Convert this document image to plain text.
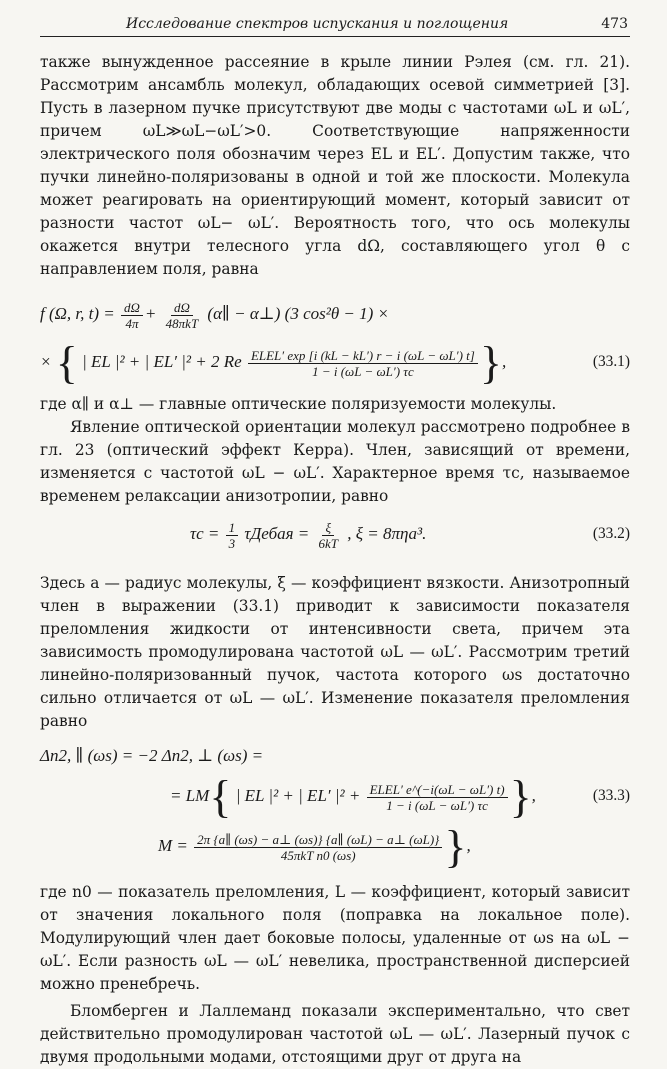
Исследование спектров испускания и поглощения	473

также вынужденное рассеяние в крыле линии Рэлея (см. гл. 21). Рассмотрим ансамбль молекул, обладающих осевой симметрией [3]. Пусть в лазерном пучке присутствуют две моды с частотами ωL и ωL′, причем ωL≫ωL−ωL′>0. Соответствующие напряженности электрического поля обозначим через EL и EL′. Допустим также, что пучки линейно-поляризованы в одной и той же плоскости. Молекула может реагировать на ориентирующий момент, который зависит от разности частот ωL− ωL′. Вероятность того, что ось молекулы окажется внутри телесного угла dΩ, составляющего угол θ с направлением поля, равна

f (Ω, r, $t) = \frac{d\Omega}{4\pi} + \frac{d\Omega}{\text{48πkT}}$ (α∥ − α⊥) (3 cos²θ − 1) ×
× { | EL |² + | EL′ |² + 2 Re $\frac{\text{ELEL′ exp [i (kL − kL′) r − i (ωL − ωL′) t]}}{1 - i (\omega L - \omega L') \tau c}$ },	(33.1)

где α∥ и α⊥ — главные оптические поляризуемости молекулы.

Явление оптической ориентации молекул рассмотрено подробнее в гл. 23 (оптический эффект Керра). Член, зависящий от времени, изменяется с частотой ωL − ωL′. Характерное время τc, называемое временем релаксации анизотропии, равно

$\tau c = \frac{1}{3}$ τДебая = $\frac{\xi}{6kT}$ , ξ = 8πηa³.	(33.2)

Здесь a — радиус молекулы, ξ — коэффициент вязкости. Анизотропный член в выражении (33.1) приводит к зависимости показателя преломления жидкости от интенсивности света, причем эта зависимость промодулирована частотой ωL — ωL′. Рассмотрим третий линейно-поляризованный пучок, частота которого ωs достаточно сильно отличается от ωL — ωL′. Изменение показателя преломления равно

Δn2, ∥ (ωs) = −2 Δn2, ⊥ (ωs) =
= LM{ | EL |² + | EL′ $|^2 + \frac{\text{ELEL′ e\textasciicircum{}(−i(ωL − ωL′) t)}}{1 - i (\omega L - \omega L') \tau c}$ },	(33.3)
$M = \frac{2\pi \{a\parallel (\omega s) - a\perp (\omega s)\} \{a\parallel (\omega L) - a\perp (\omega L)\}}{\text{45πkT n0 (ωs)}}$ },

где n0 — показатель преломления, L — коэффициент, который зависит от значения локального поля (поправка на локальное поле). Модулирующий член дает боковые полосы, удаленные от ωs на ωL − ωL′. Если разность ωL — ωL′ невелика, пространственной дисперсией можно пренебречь.

Бломберген и Лаллеманд показали экспериментально, что свет действительно промодулирован частотой ωL — ωL′. Лазерный пучок с двумя продольными модами, отстоящими друг от друга на
